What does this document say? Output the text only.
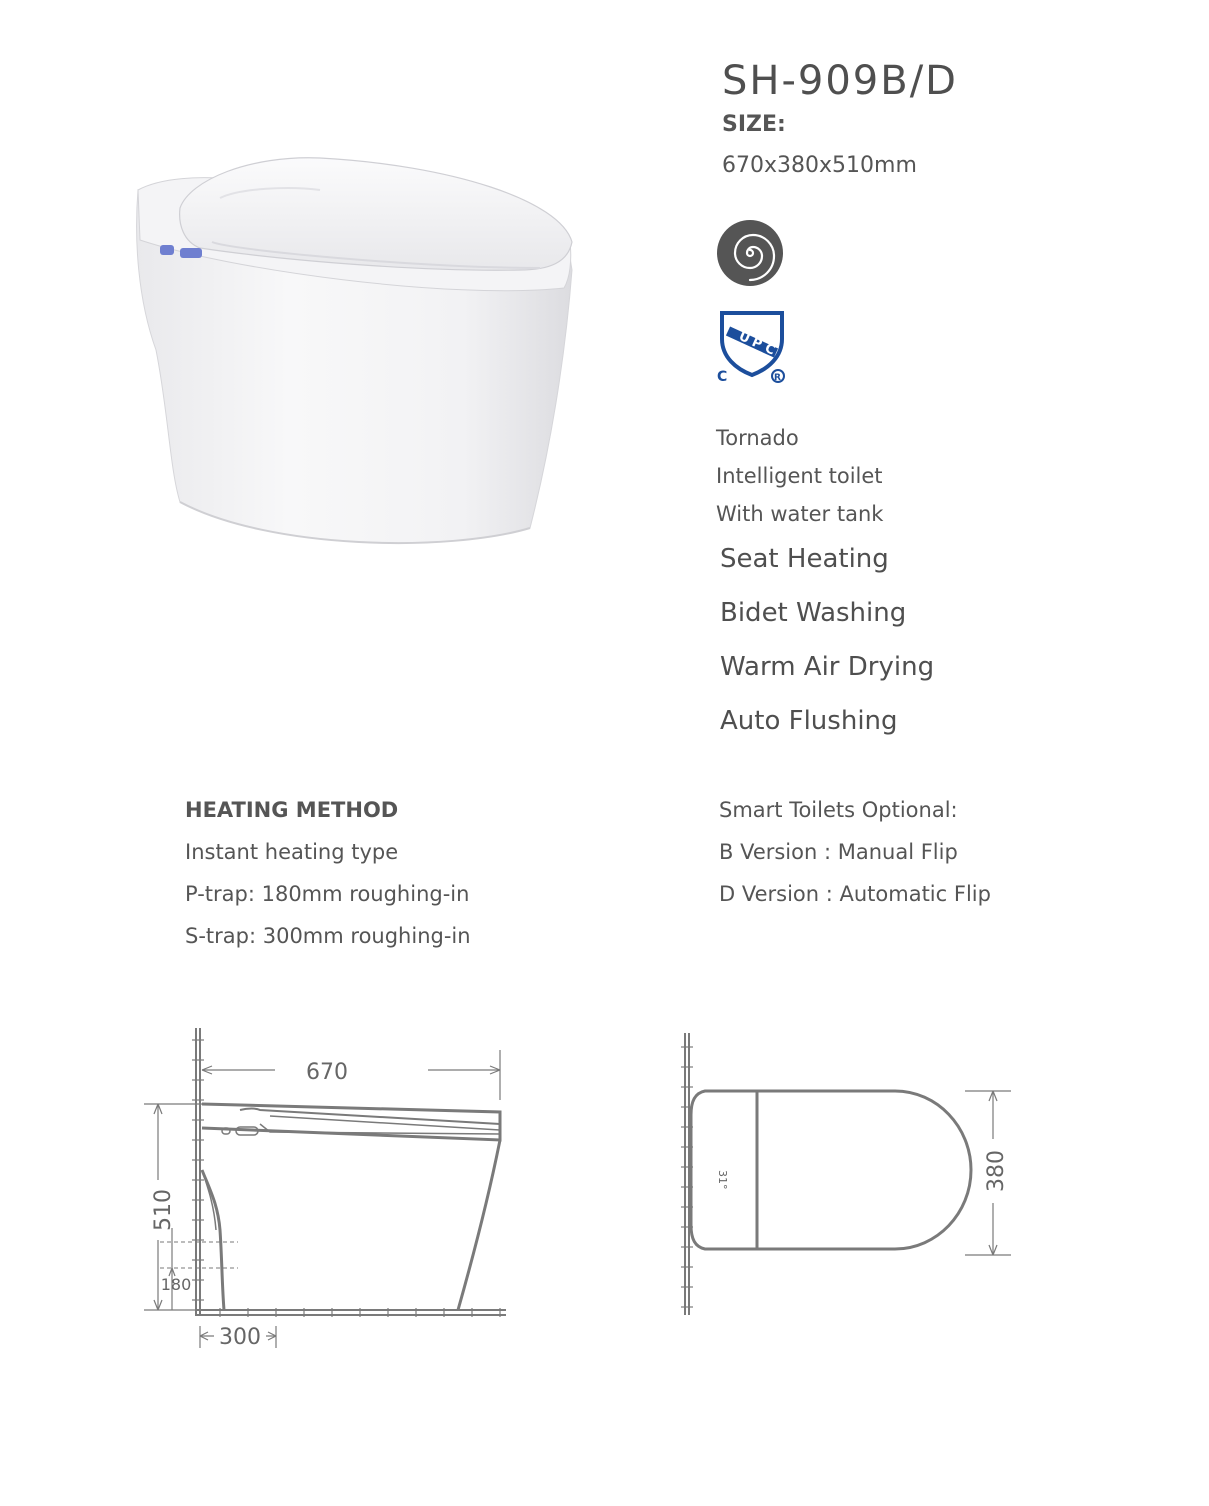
SH-909B/D
SIZE:
670x380x510mm
U
P
C
C	R
Tornado
Intelligent toilet
With water tank
Seat Heating
Bidet Washing
Warm Air Drying
Auto Flushing
HEATING METHOD
Instant heating type
P-trap: 180mm roughing-in
S-trap: 300mm roughing-in
Smart Toilets Optional:
B Version : Manual Flip
D Version : Automatic Flip
670
510
180
300
31°	380
